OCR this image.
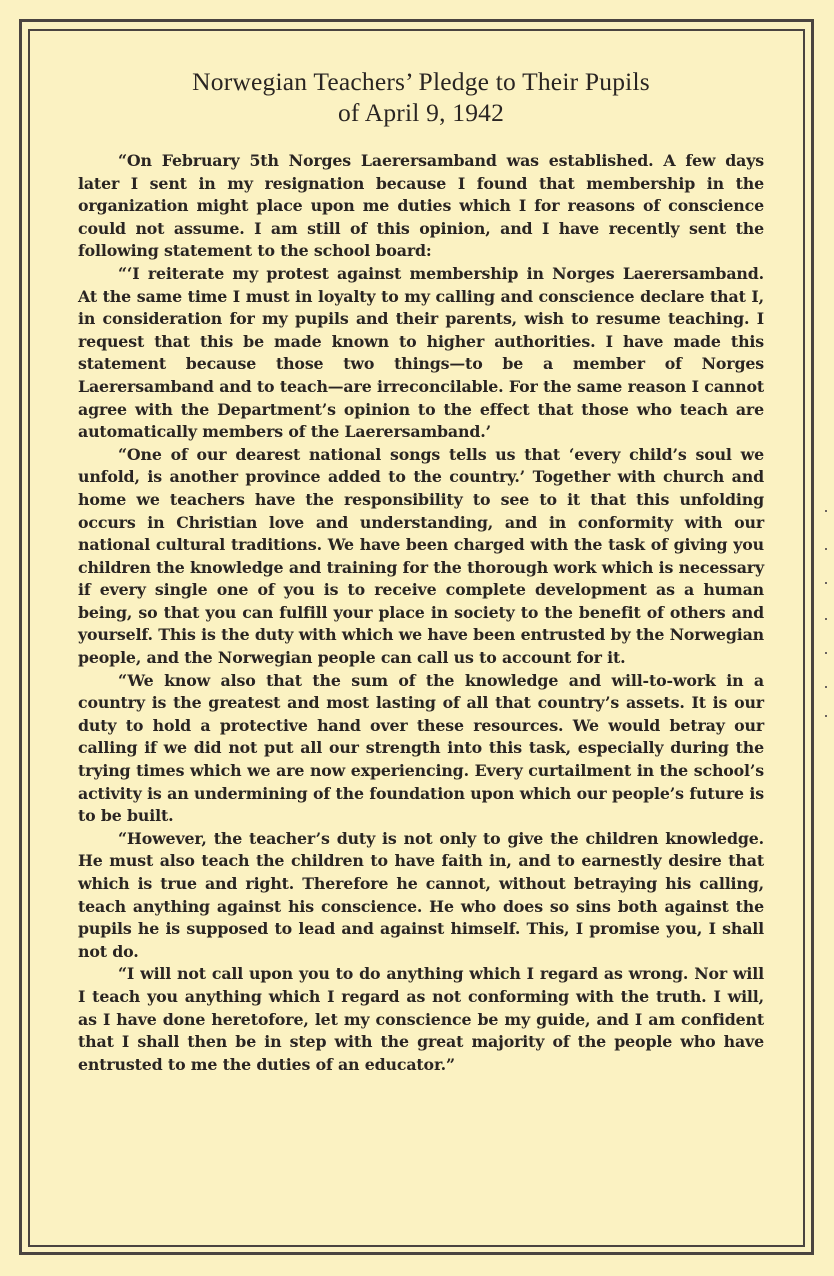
Norwegian Teachers’ Pledge to Their Pupils
of April 9, 1942

“On February 5th Norges Laerersamband was established. A few days later I sent in my resignation because I found that membership in the organization might place upon me duties which I for reasons of conscience could not assume. I am still of this opinion, and I have recently sent the following statement to the school board:

“‘I reiterate my protest against membership in Norges Laerersamband. At the same time I must in loyalty to my calling and conscience declare that I, in consideration for my pupils and their parents, wish to resume teaching. I request that this be made known to higher authorities. I have made this statement because those two things—to be a member of Norges Laerersamband and to teach—are irreconcilable. For the same reason I cannot agree with the Department’s opinion to the effect that those who teach are automatically members of the Laerersamband.’

“One of our dearest national songs tells us that ‘every child’s soul we unfold, is another province added to the country.’ Together with church and home we teachers have the responsibility to see to it that this unfolding occurs in Christian love and understanding, and in conformity with our national cultural traditions. We have been charged with the task of giving you children the knowledge and training for the thorough work which is necessary if every single one of you is to receive complete development as a human being, so that you can fulfill your place in society to the benefit of others and yourself. This is the duty with which we have been entrusted by the Norwegian people, and the Norwegian people can call us to account for it.

“We know also that the sum of the knowledge and will-to-work in a country is the greatest and most lasting of all that country’s assets. It is our duty to hold a protective hand over these resources. We would betray our calling if we did not put all our strength into this task, especially during the trying times which we are now experiencing. Every curtailment in the school’s activity is an undermining of the foundation upon which our people’s future is to be built.

“However, the teacher’s duty is not only to give the children knowledge. He must also teach the children to have faith in, and to earnestly desire that which is true and right. Therefore he cannot, without betraying his calling, teach anything against his conscience. He who does so sins both against the pupils he is supposed to lead and against himself. This, I promise you, I shall not do.

“I will not call upon you to do anything which I regard as wrong. Nor will I teach you anything which I regard as not conforming with the truth. I will, as I have done heretofore, let my conscience be my guide, and I am confident that I shall then be in step with the great majority of the people who have entrusted to me the duties of an educator.”
